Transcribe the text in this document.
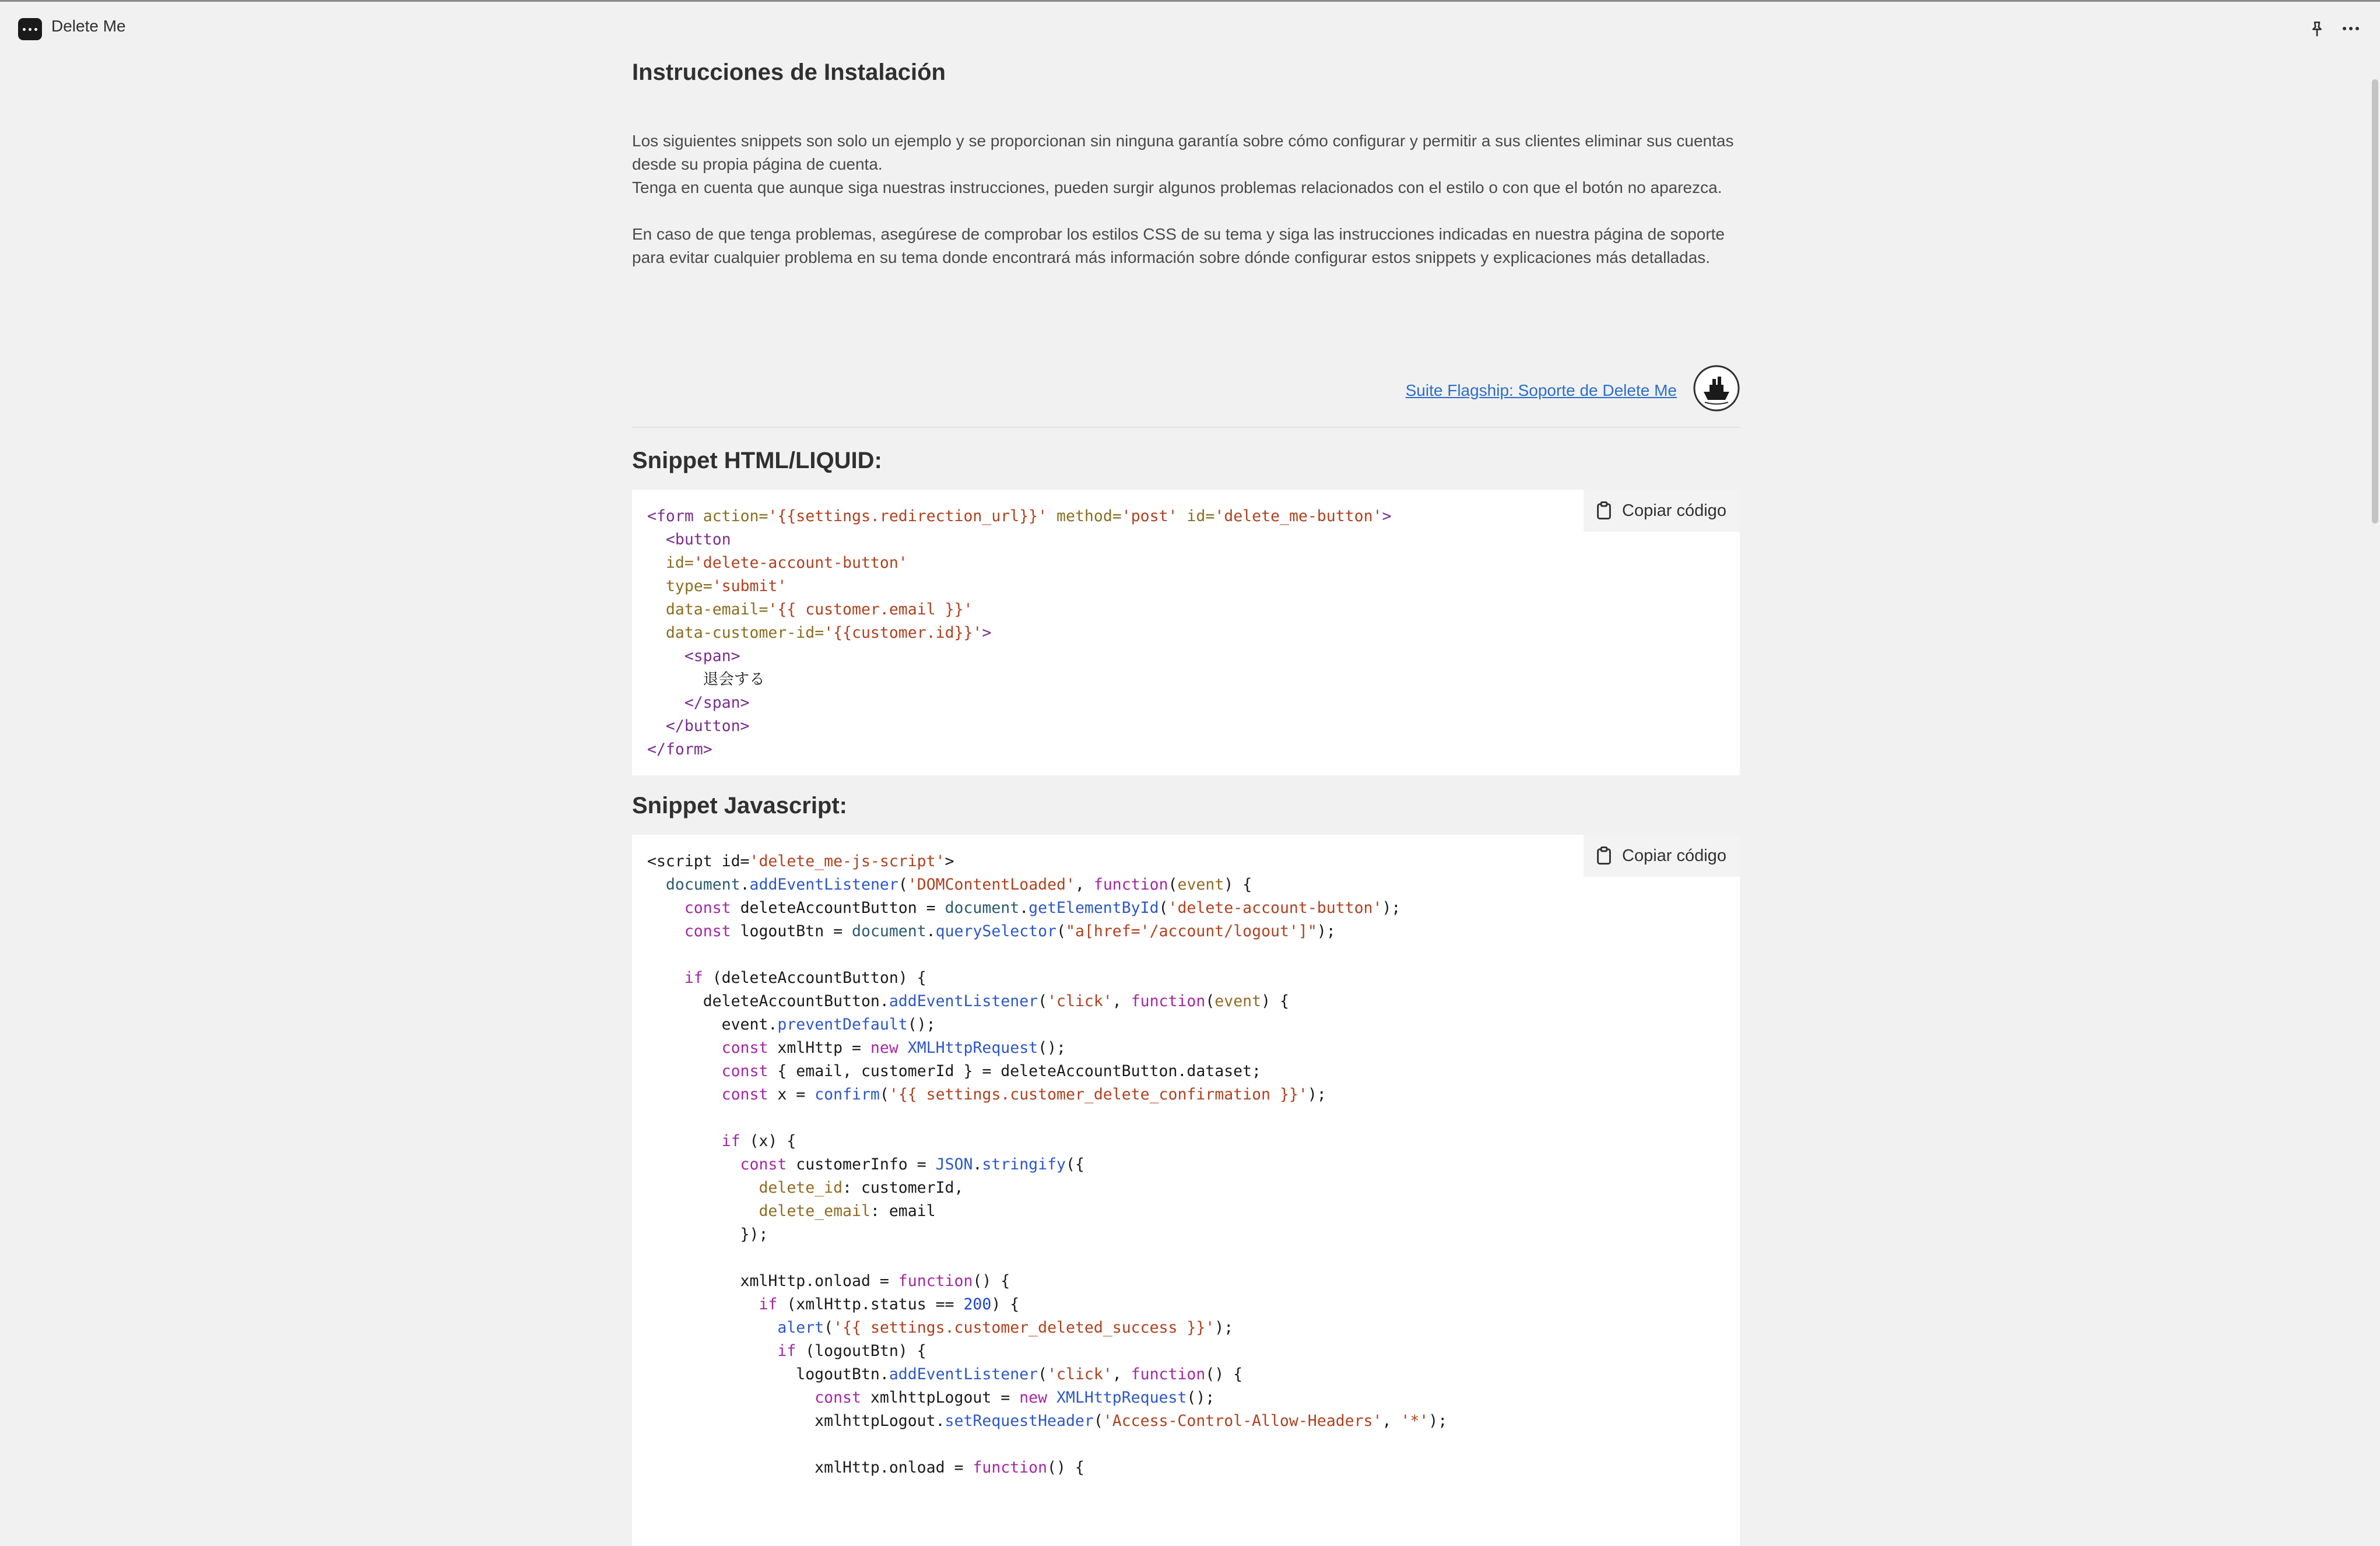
Delete Me
Instrucciones de Instalación

Los siguientes snippets son solo un ejemplo y se proporcionan sin ninguna garantía sobre cómo configurar y permitir a sus clientes eliminar sus cuentas desde su propia página de cuenta.

Tenga en cuenta que aunque siga nuestras instrucciones, pueden surgir algunos problemas relacionados con el estilo o con que el botón no aparezca.

En caso de que tenga problemas, asegúrese de comprobar los estilos CSS de su tema y siga las instrucciones indicadas en nuestra página de soporte para evitar cualquier problema en su tema donde encontrará más información sobre dónde configurar estos snippets y explicaciones más detalladas.

Suite Flagship: Soporte de Delete Me
Snippet HTML/LIQUID:
Copiar código
<form action='{{settings.redirection_url}}' method='post' id='delete_me-button'>
<button
id='delete-account-button'
type='submit'
data-email='{{ customer.email }}'
data-customer-id='{{customer.id}}'>
<span>
退会する
</span>
</button>
</form>
Snippet Javascript:
Copiar código
<script id='delete_me-js-script'>
document.addEventListener('DOMContentLoaded', function(event) {
const deleteAccountButton = document.getElementById('delete-account-button');
const logoutBtn = document.querySelector("a[href='/account/logout']");

if (deleteAccountButton) {
deleteAccountButton.addEventListener('click', function(event) {
event.preventDefault();
const xmlHttp = new XMLHttpRequest();
const { email, customerId } = deleteAccountButton.dataset;
const x = confirm('{{ settings.customer_delete_confirmation }}');

if (x) {
const customerInfo = JSON.stringify({
delete_id: customerId,
delete_email: email
});

xmlHttp.onload = function() {
if (xmlHttp.status == 200) {
alert('{{ settings.customer_deleted_success }}');
if (logoutBtn) {
logoutBtn.addEventListener('click', function() {
const xmlhttpLogout = new XMLHttpRequest();
xmlhttpLogout.setRequestHeader('Access-Control-Allow-Headers', '*');

xmlHttp.onload = function() {
